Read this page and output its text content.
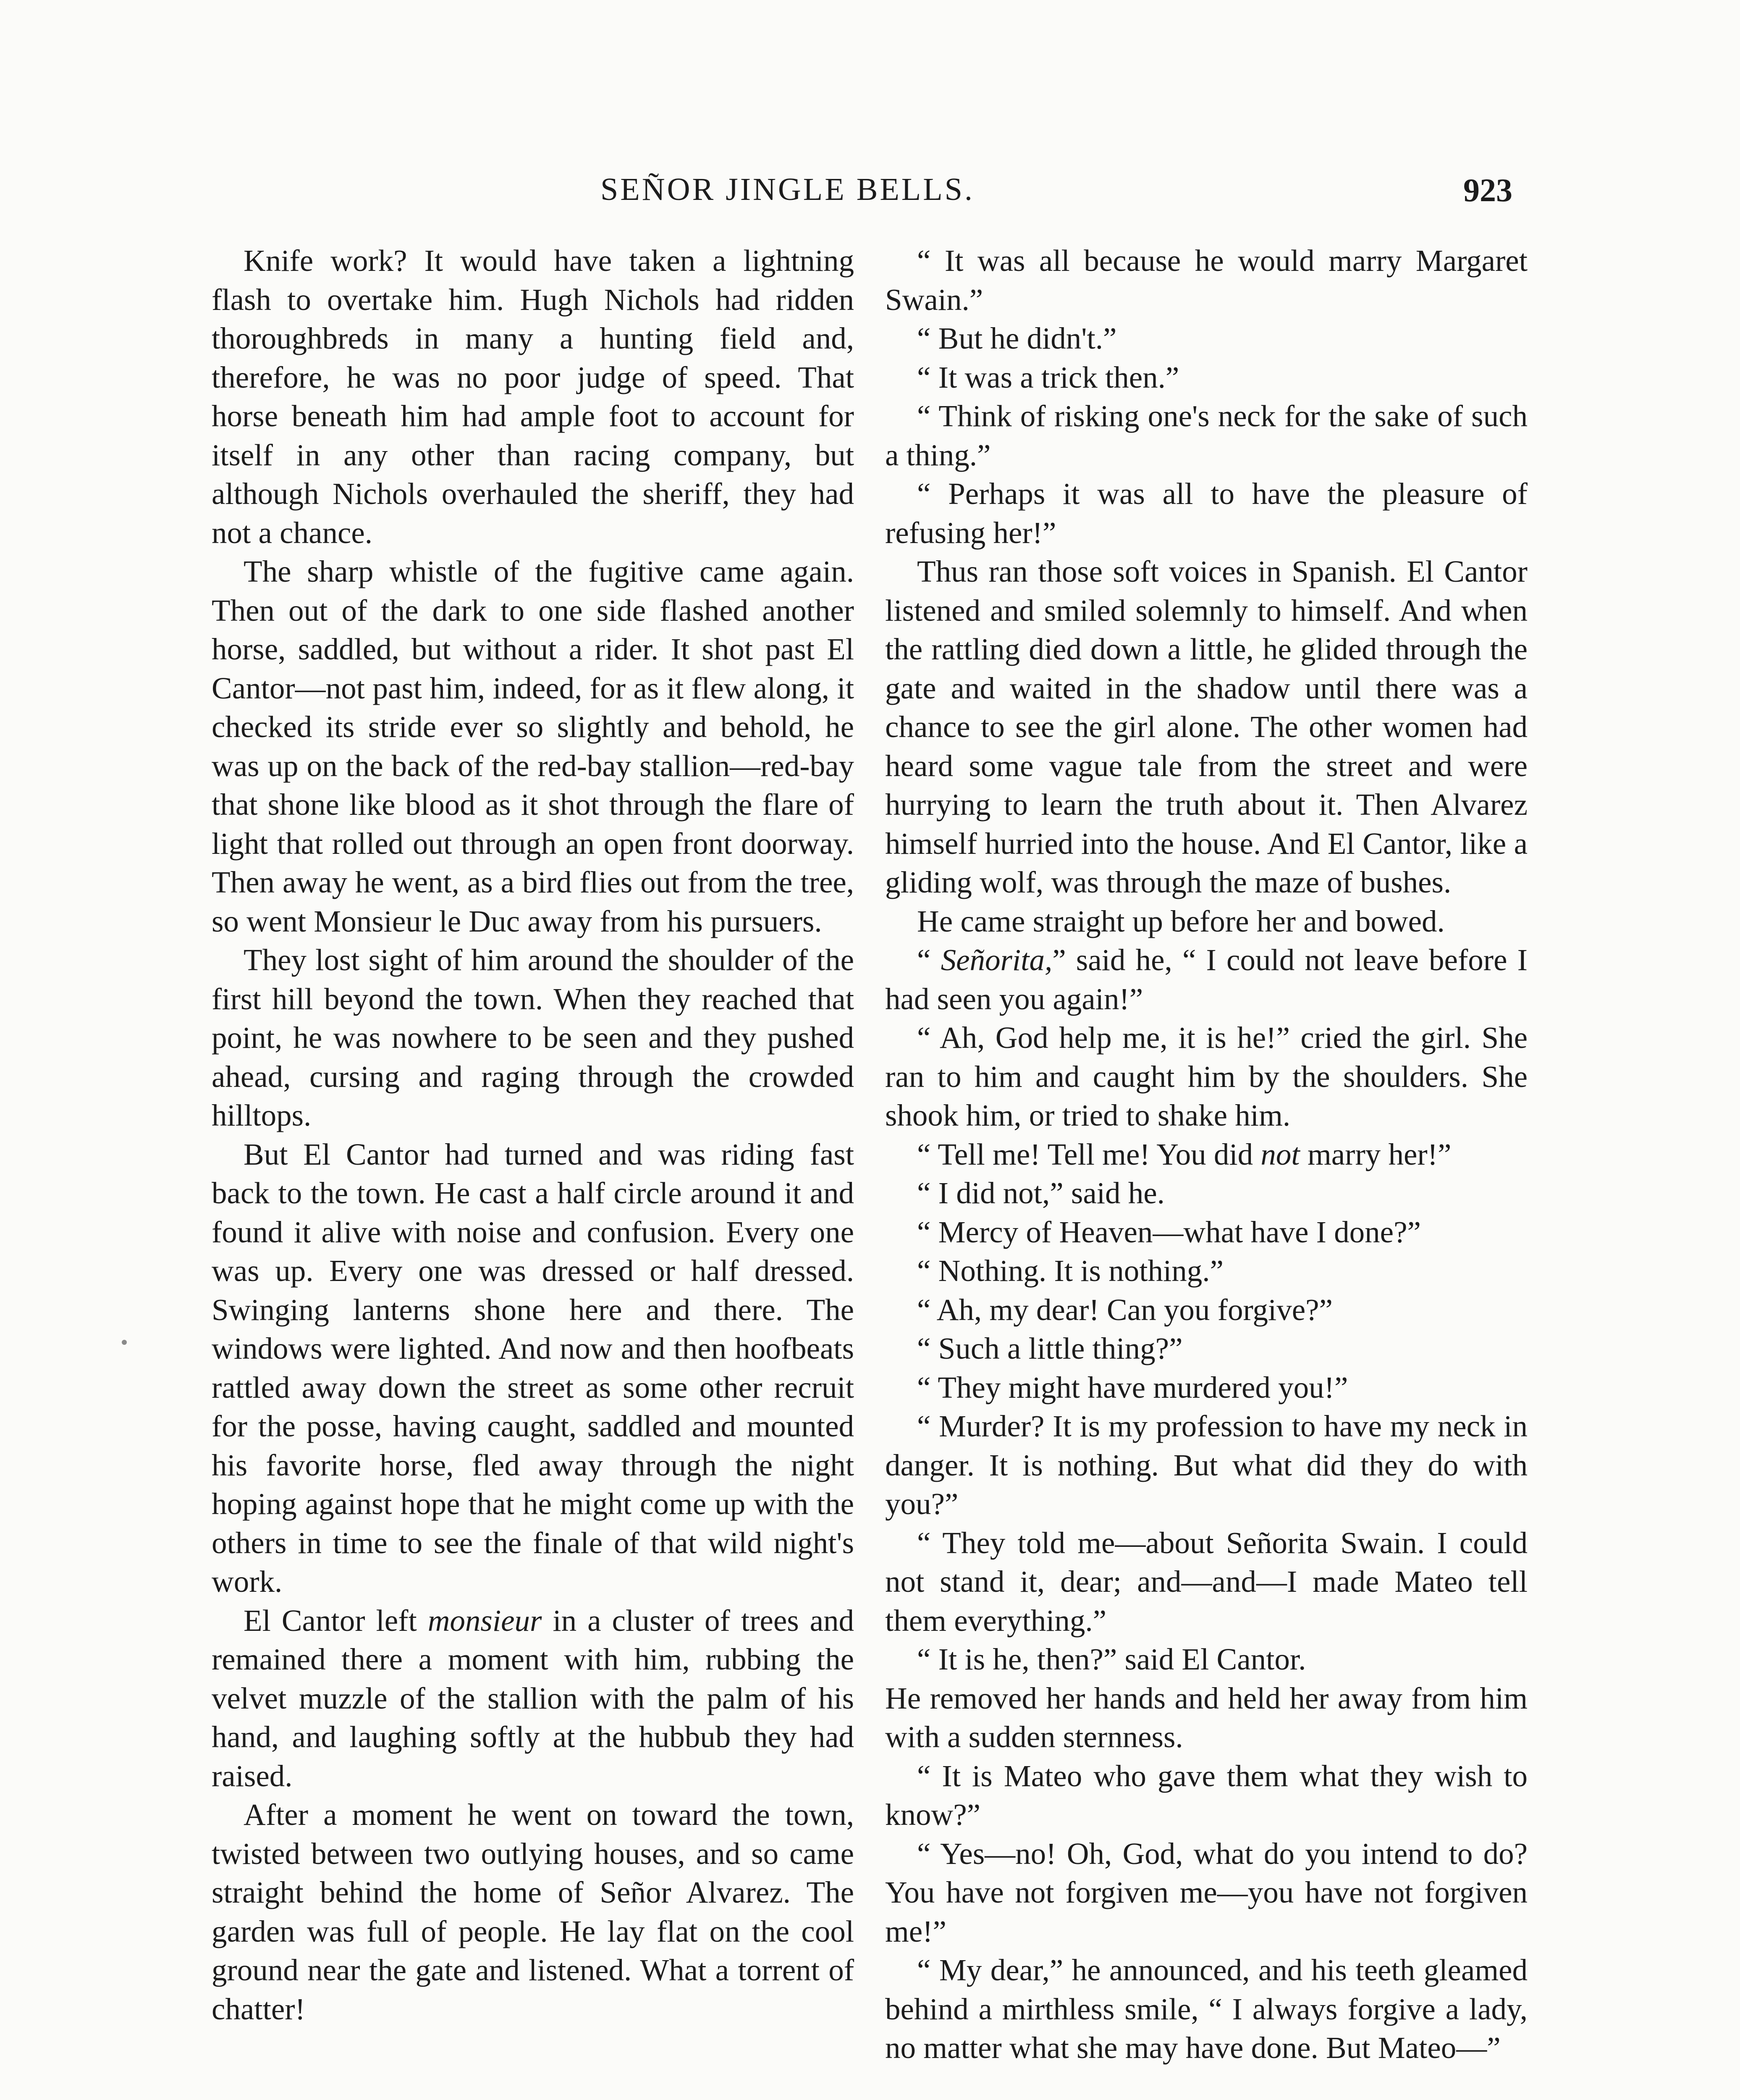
SEÑOR JINGLE BELLS.	923

Knife work? It would have taken a lightning flash to overtake him. Hugh Nichols had ridden thoroughbreds in many a hunting field and, therefore, he was no poor judge of speed. That horse beneath him had ample foot to account for itself in any other than racing company, but although Nichols overhauled the sheriff, they had not a chance.

The sharp whistle of the fugitive came again. Then out of the dark to one side flashed another horse, saddled, but without a rider. It shot past El Cantor—not past him, indeed, for as it flew along, it checked its stride ever so slightly and behold, he was up on the back of the red-bay stallion—red-bay that shone like blood as it shot through the flare of light that rolled out through an open front doorway. Then away he went, as a bird flies out from the tree, so went Monsieur le Duc away from his pursuers.

They lost sight of him around the shoulder of the first hill beyond the town. When they reached that point, he was nowhere to be seen and they pushed ahead, cursing and raging through the crowded hilltops.

But El Cantor had turned and was riding fast back to the town. He cast a half circle around it and found it alive with noise and confusion. Every one was up. Every one was dressed or half dressed. Swinging lanterns shone here and there. The windows were lighted. And now and then hoofbeats rattled away down the street as some other recruit for the posse, having caught, saddled and mounted his favorite horse, fled away through the night hoping against hope that he might come up with the others in time to see the finale of that wild night's work.

El Cantor left monsieur in a cluster of trees and remained there a moment with him, rubbing the velvet muzzle of the stallion with the palm of his hand, and laughing softly at the hubbub they had raised.

After a moment he went on toward the town, twisted between two outlying houses, and so came straight behind the home of Señor Alvarez. The garden was full of people. He lay flat on the cool ground near the gate and listened. What a torrent of chatter!

“ It was all because he would marry Margaret Swain.”

“ But he didn't.”

“ It was a trick then.”

“ Think of risking one's neck for the sake of such a thing.”

“ Perhaps it was all to have the pleasure of refusing her!”

Thus ran those soft voices in Spanish. El Cantor listened and smiled solemnly to himself. And when the rattling died down a little, he glided through the gate and waited in the shadow until there was a chance to see the girl alone. The other women had heard some vague tale from the street and were hurrying to learn the truth about it. Then Alvarez himself hurried into the house. And El Cantor, like a gliding wolf, was through the maze of bushes.

He came straight up before her and bowed.

“ Señorita,” said he, “ I could not leave before I had seen you again!”

“ Ah, God help me, it is he!” cried the girl. She ran to him and caught him by the shoulders. She shook him, or tried to shake him.

“ Tell me! Tell me! You did not marry her!”

“ I did not,” said he.

“ Mercy of Heaven—what have I done?”

“ Nothing. It is nothing.”

“ Ah, my dear! Can you forgive?”

“ Such a little thing?”

“ They might have murdered you!”

“ Murder? It is my profession to have my neck in danger. It is nothing. But what did they do with you?”

“ They told me—about Señorita Swain. I could not stand it, dear; and—and—I made Mateo tell them everything.”

“ It is he, then?” said El Cantor.

He removed her hands and held her away from him with a sudden sternness.

“ It is Mateo who gave them what they wish to know?”

“ Yes—no! Oh, God, what do you intend to do? You have not forgiven me—you have not forgiven me!”

“ My dear,” he announced, and his teeth gleamed behind a mirthless smile, “ I always forgive a lady, no matter what she may have done. But Mateo—”
